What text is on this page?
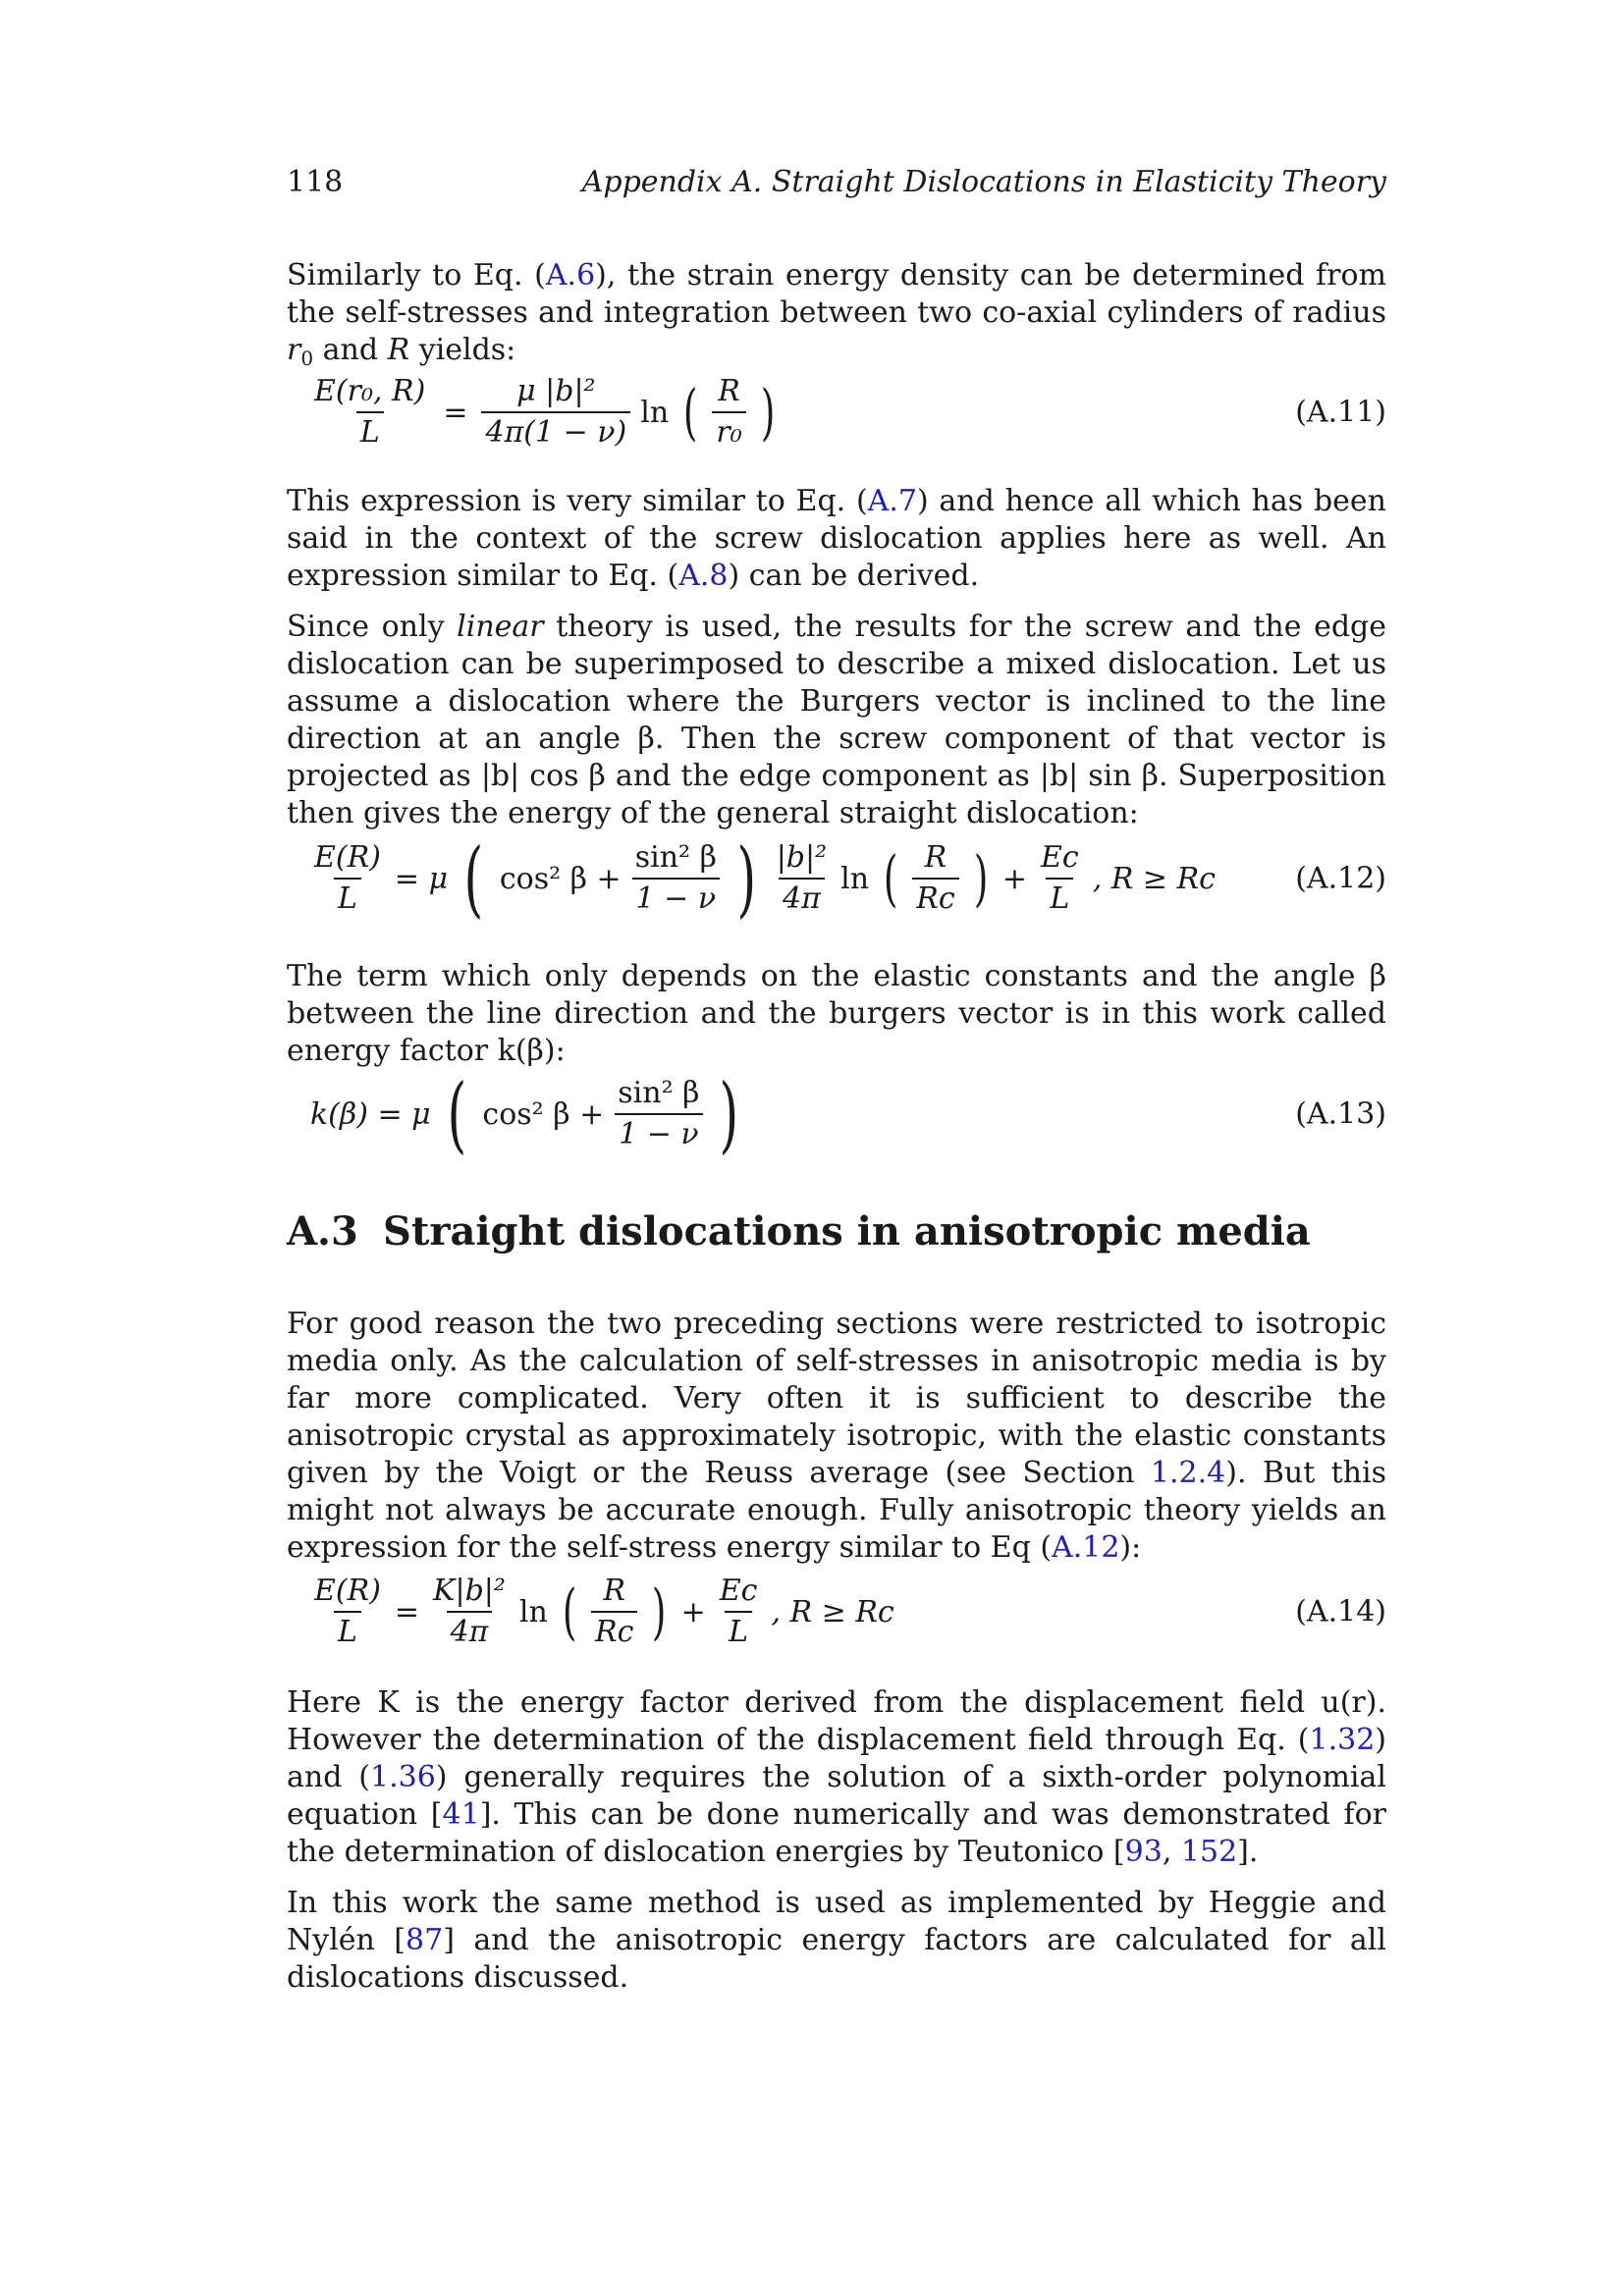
118	Appendix A. Straight Dislocations in Elasticity Theory

Similarly to Eq. (A.6), the strain energy density can be determined from the self-stresses and integration between two co-axial cylinders of radius $r_0$ and R yields:

$\frac{\text{E(r₀, R)}}{L} = \frac{\text{μ |b|²}}{4\pi(1 - \nu)}$ ln ( $\frac{R}{\text{r₀}}$ )	(A.11)

This expression is very similar to Eq. (A.7) and hence all which has been said in the context of the screw dislocation applies here as well. An expression similar to Eq. (A.8) can be derived.

Since only linear theory is used, the results for the screw and the edge dislocation can be superimposed to describe a mixed dislocation. Let us assume a dislocation where the Burgers vector is inclined to the line direction at an angle β. Then the screw component of that vector is projected as |b| cos β and the edge component as |b| sin β. Superposition then gives the energy of the general straight dislocation:

$\frac{E(R)}{L} = \mu$ ( cos² $\beta + \frac{\text{sin² β}}{1 - \nu}$ ) $\frac{\text{|b|²}}{4\pi}$ ln ( $\frac{R}{Rc}$ ) + $\frac{Ec}{L}$ , R ≥ Rc	(A.12)

The term which only depends on the elastic constants and the angle β between the line direction and the burgers vector is in this work called energy factor k(β):

k(β) = μ ( cos² $\beta + \frac{\text{sin² β}}{1 - \nu}$ )	(A.13)
A.3 Straight dislocations in anisotropic media

For good reason the two preceding sections were restricted to isotropic media only. As the calculation of self-stresses in anisotropic media is by far more complicated. Very often it is sufficient to describe the anisotropic crystal as approximately isotropic, with the elastic constants given by the Voigt or the Reuss average (see Section 1.2.4). But this might not always be accurate enough. Fully anisotropic theory yields an expression for the self-stress energy similar to Eq (A.12):

$\frac{E(R)}{L} = \frac{\text{K|b|²}}{4\pi}$ ln ( $\frac{R}{Rc}$ ) + $\frac{Ec}{L}$ , R ≥ Rc	(A.14)

Here K is the energy factor derived from the displacement field u(r). However the determination of the displacement field through Eq. (1.32) and (1.36) generally requires the solution of a sixth-order polynomial equation [41]. This can be done numerically and was demonstrated for the determination of dislocation energies by Teutonico [93, 152].

In this work the same method is used as implemented by Heggie and Nylén [87] and the anisotropic energy factors are calculated for all dislocations discussed.
